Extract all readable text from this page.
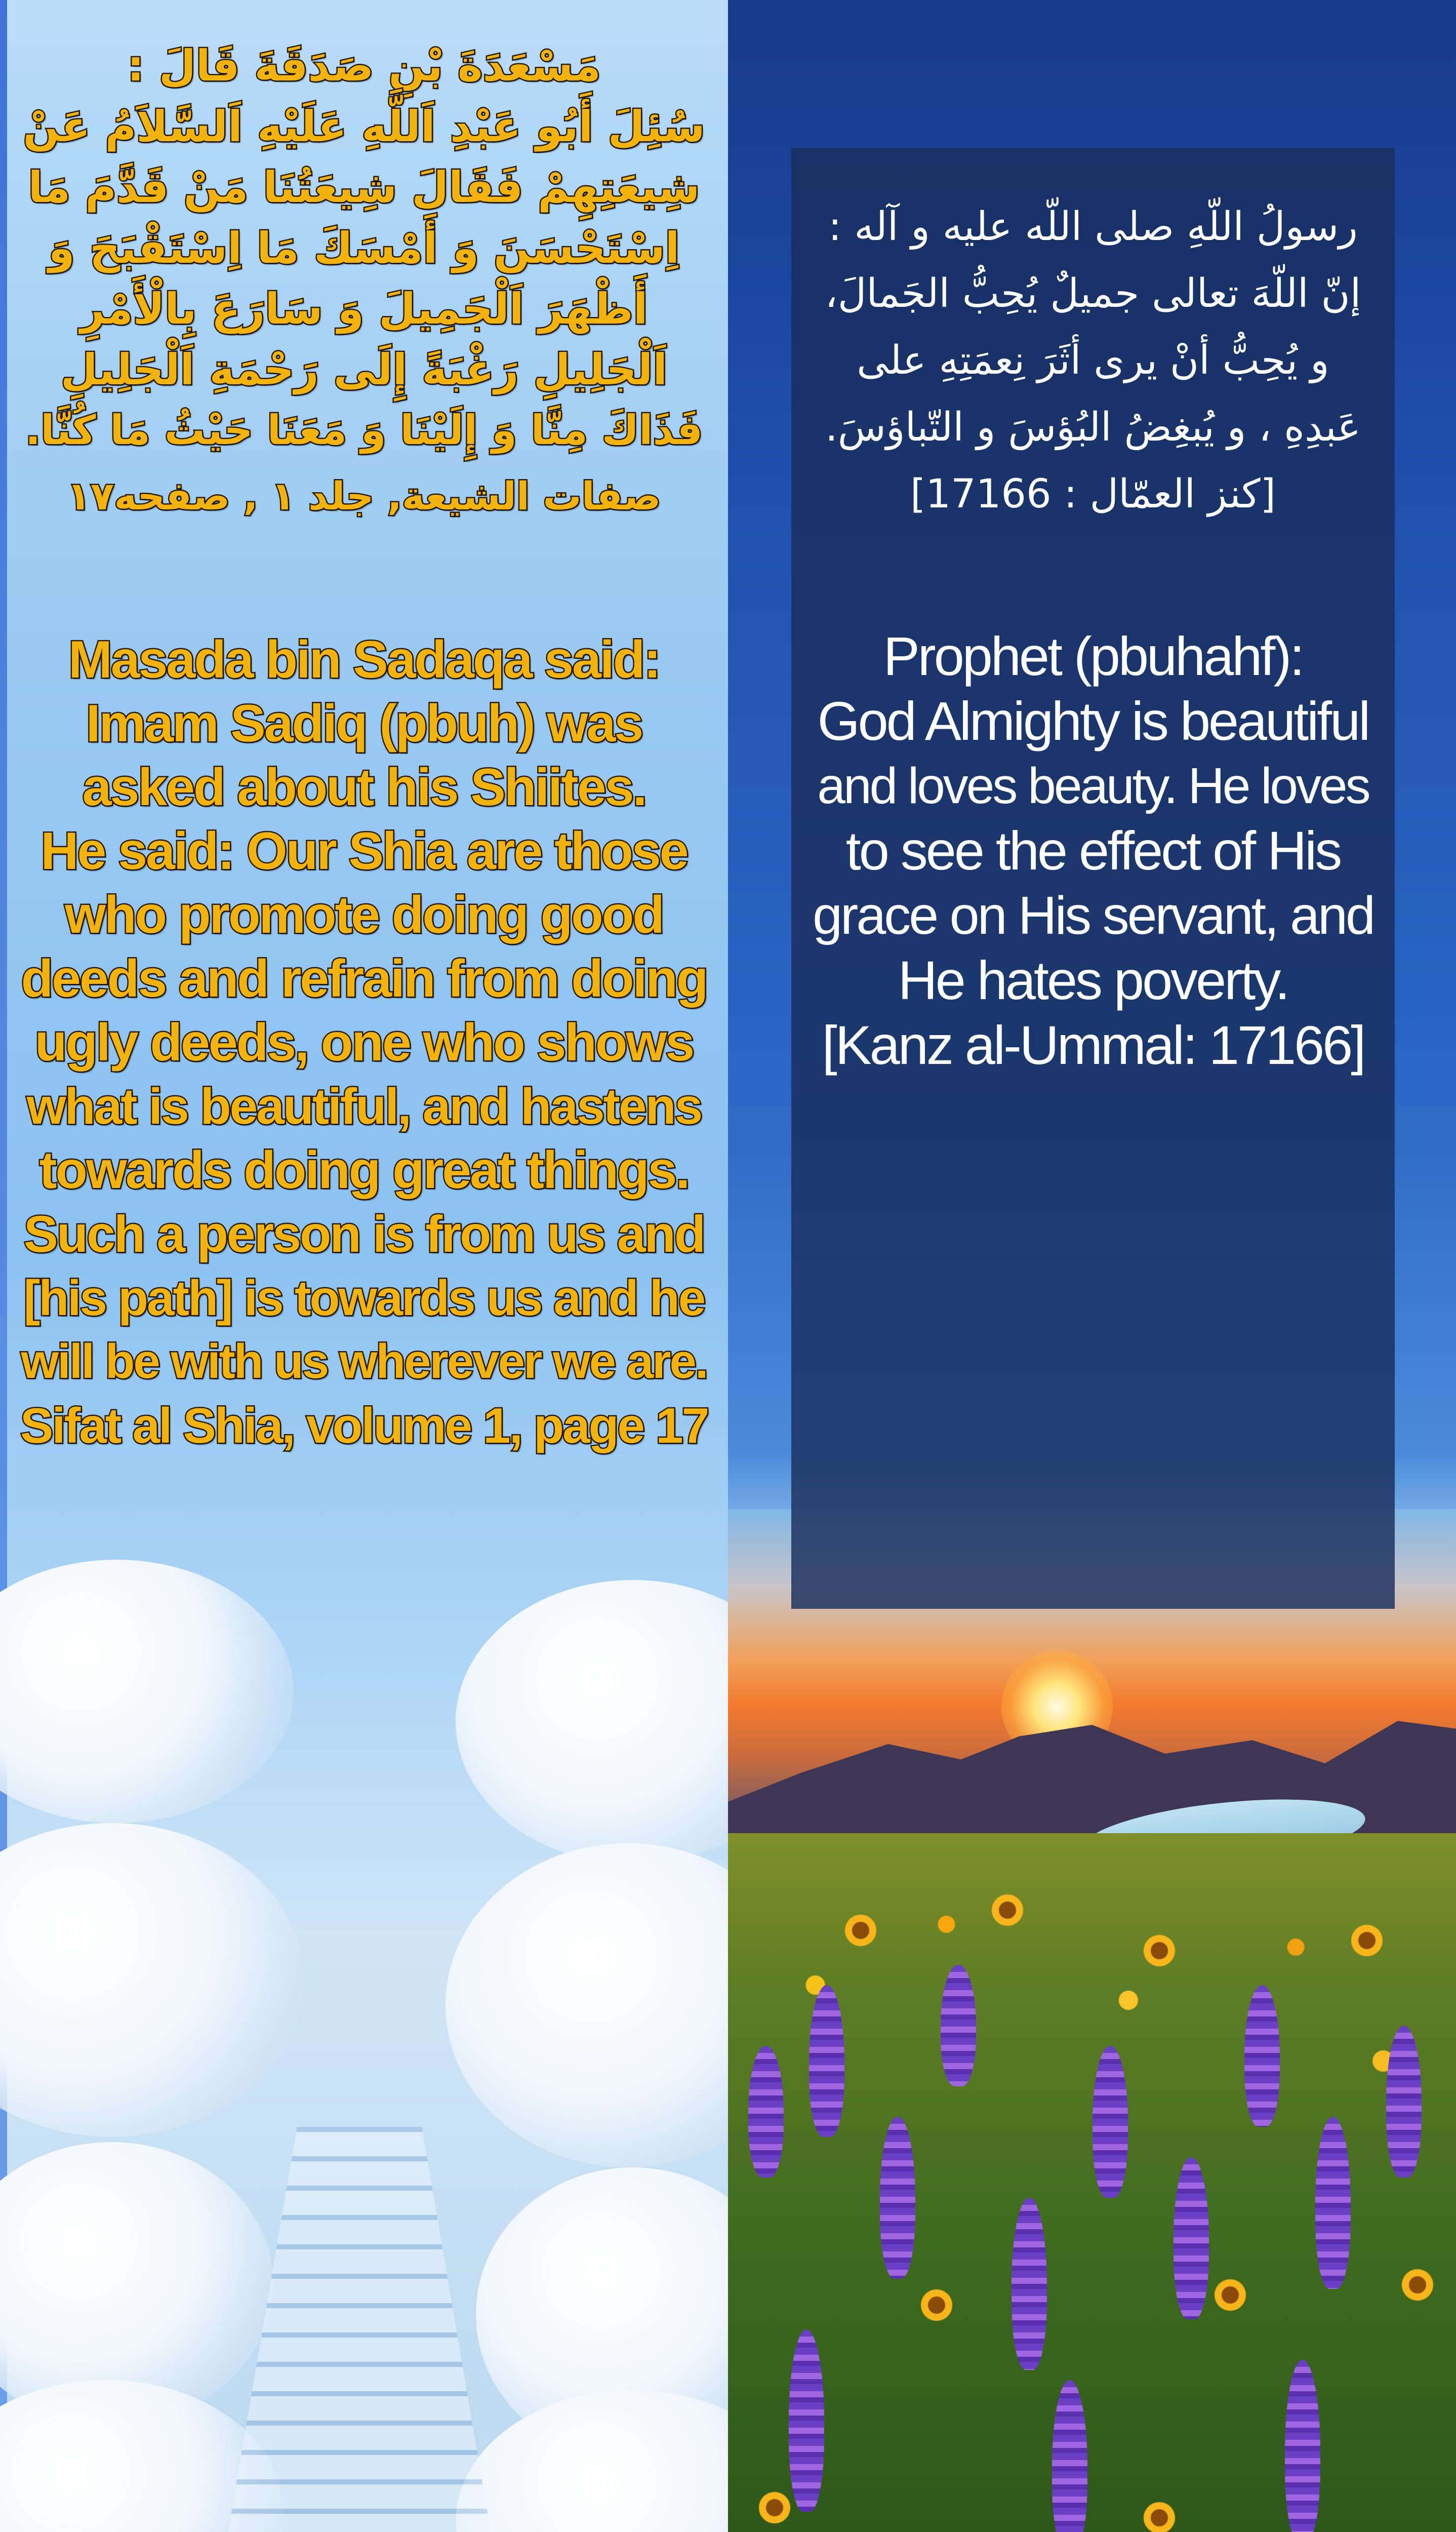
مَسْعَدَةَ بْنِ صَدَقَةَ قَالَ :
سُئِلَ أَبُو عَبْدِ اَللَّهِ عَلَيْهِ اَلسَّلاَمُ عَنْ
شِيعَتِهِمْ فَقَالَ شِيعَتُنَا مَنْ قَدَّمَ مَا
اِسْتَحْسَنَ وَ أَمْسَكَ مَا اِسْتَقْبَحَ وَ
أَظْهَرَ اَلْجَمِيلَ وَ سَارَعَ بِالْأَمْرِ
اَلْجَلِيلِ رَغْبَةً إِلَى رَحْمَةِ اَلْجَلِيلِ
فَذَاكَ مِنَّا وَ إِلَيْنَا وَ مَعَنَا حَيْثُ مَا كُنَّا.
صفات الشيعة, جلد ۱ , صفحه۱۷
Masada bin Sadaqa said:
Imam Sadiq (pbuh) was
asked about his Shiites.
He said: Our Shia are those
who promote doing good
deeds and refrain from doing
ugly deeds, one who shows
what is beautiful, and hastens
towards doing great things.
Such a person is from us and
[his path] is towards us and he
will be with us wherever we are.
Sifat al Shia, volume 1, page 17
رسولُ اللّهِ صلى اللّه عليه و آله :
إنّ اللّهَ تعالى جميلٌ يُحِبُّ الجَمالَ،
و يُحِبُّ أنْ يرى أثَرَ نِعمَتِهِ على
عَبدِهِ ، و يُبغِضُ البُؤسَ و التّباؤسَ.
[كنز العمّال : 17166]
Prophet (pbuhahf):
God Almighty is beautiful
and loves beauty. He loves
to see the effect of His
grace on His servant, and
He hates poverty.
[Kanz al-Ummal: 17166]
